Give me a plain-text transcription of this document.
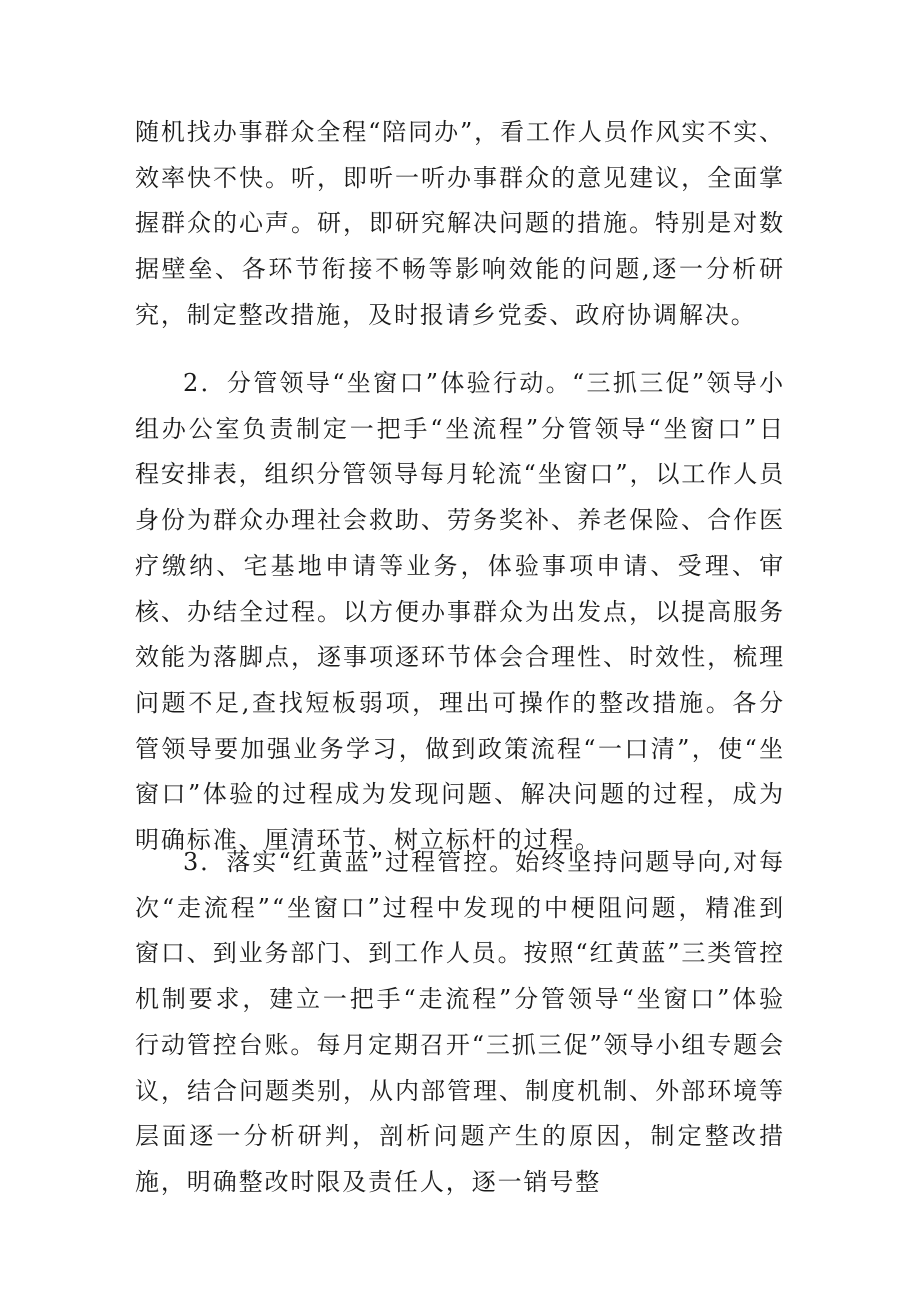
随机找办事群众全程“陪同办”，看工作人员作风实不实、效率快不快。听，即听一听办事群众的意见建议，全面掌握群众的心声。研，即研究解决问题的措施。特别是对数据壁垒、各环节衔接不畅等影响效能的问题,逐一分析研究，制定整改措施，及时报请乡党委、政府协调解决。

2．分管领导“坐窗口”体验行动。“三抓三促”领导小组办公室负责制定一把手“坐流程”分管领导“坐窗口”日程安排表，组织分管领导每月轮流“坐窗口”，以工作人员身份为群众办理社会救助、劳务奖补、养老保险、合作医疗缴纳、宅基地申请等业务，体验事项申请、受理、审核、办结全过程。以方便办事群众为出发点，以提高服务效能为落脚点，逐事项逐环节体会合理性、时效性，梳理问题不足,查找短板弱项，理出可操作的整改措施。各分管领导要加强业务学习，做到政策流程“一口清”，使“坐窗口”体验的过程成为发现问题、解决问题的过程，成为明确标准、厘清环节、树立标杆的过程。

3．落实“红黄蓝”过程管控。始终坚持问题导向,对每次“走流程”“坐窗口”过程中发现的中梗阻问题，精准到窗口、到业务部门、到工作人员。按照“红黄蓝”三类管控机制要求，建立一把手“走流程”分管领导“坐窗口”体验行动管控台账。每月定期召开“三抓三促”领导小组专题会议，结合问题类别，从内部管理、制度机制、外部环境等层面逐一分析研判，剖析问题产生的原因，制定整改措施，明确整改时限及责任人，逐一销号整
